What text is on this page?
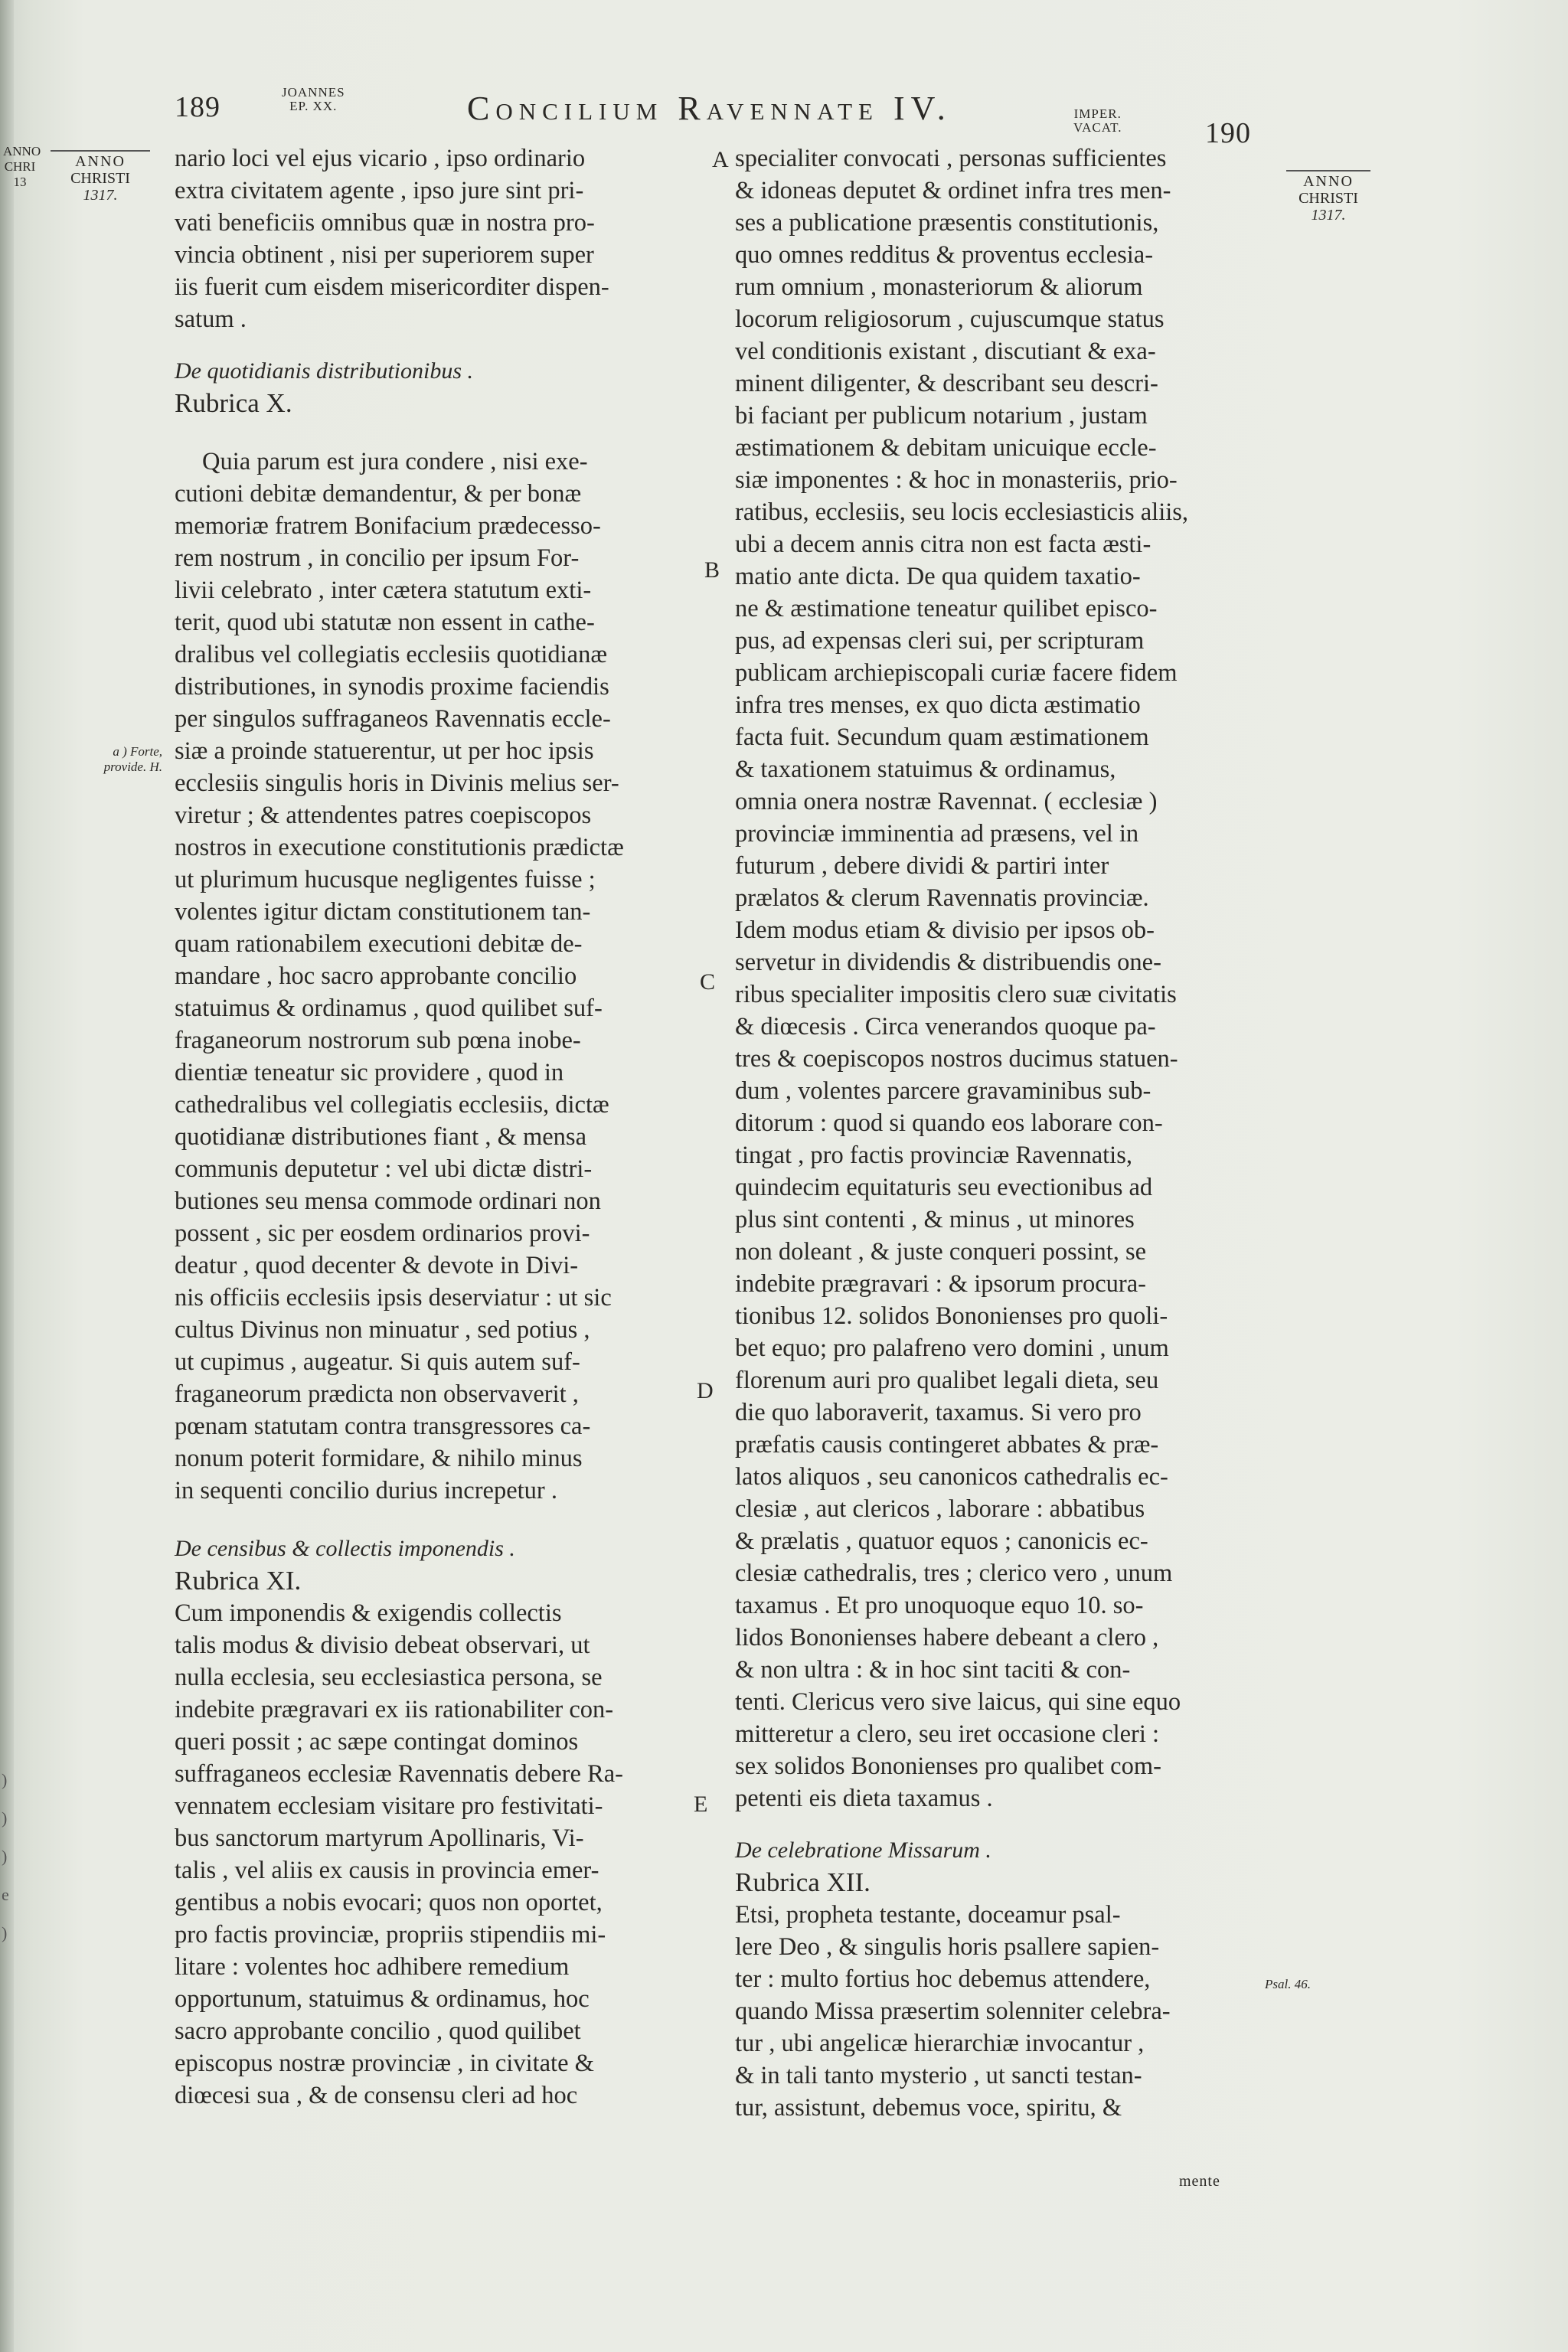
)
)
)
e
)
189	JOANNES
EP. XX.	Concilium Ravennate IV.	IMPER.
VACAT.	190
ANNO
CHRI
13
ANNO
CHRISTI
1317.
ANNO
CHRISTI
1317.
a ) Forte,
provide. H.
Psal. 46.
A
B
C
D
E
mente

nario loci vel ejus vicario , ipso ordinario

extra civitatem agente , ipso jure sint pri-

vati beneficiis omnibus quæ in nostra pro-

vincia obtinent , nisi per superiorem super

iis fuerit cum eisdem misericorditer dispen-

satum .

De quotidianis distributionibus .

Rubrica X.

Quia parum est jura condere , nisi exe-

cutioni debitæ demandentur, & per bonæ

memoriæ fratrem Bonifacium prædecesso-

rem nostrum , in concilio per ipsum For-

livii celebrato , inter cætera statutum exti-

terit, quod ubi statutæ non essent in cathe-

dralibus vel collegiatis ecclesiis quotidianæ

distributiones, in synodis proxime faciendis

per singulos suffraganeos Ravennatis eccle-

siæ a proinde statuerentur, ut per hoc ipsis

ecclesiis singulis horis in Divinis melius ser-

viretur ; & attendentes patres coepiscopos

nostros in executione constitutionis prædictæ

ut plurimum hucusque negligentes fuisse ;

volentes igitur dictam constitutionem tan-

quam rationabilem executioni debitæ de-

mandare , hoc sacro approbante concilio

statuimus & ordinamus , quod quilibet suf-

fraganeorum nostrorum sub pœna inobe-

dientiæ teneatur sic providere , quod in

cathedralibus vel collegiatis ecclesiis, dictæ

quotidianæ distributiones fiant , & mensa

communis deputetur : vel ubi dictæ distri-

butiones seu mensa commode ordinari non

possent , sic per eosdem ordinarios provi-

deatur , quod decenter & devote in Divi-

nis officiis ecclesiis ipsis deserviatur : ut sic

cultus Divinus non minuatur , sed potius ,

ut cupimus , augeatur. Si quis autem suf-

fraganeorum prædicta non observaverit ,

pœnam statutam contra transgressores ca-

nonum poterit formidare, & nihilo minus

in sequenti concilio durius increpetur .

De censibus & collectis imponendis .

Rubrica XI.

Cum imponendis & exigendis collectis

talis modus & divisio debeat observari, ut

nulla ecclesia, seu ecclesiastica persona, se

indebite prægravari ex iis rationabiliter con-

queri possit ; ac sæpe contingat dominos

suffraganeos ecclesiæ Ravennatis debere Ra-

vennatem ecclesiam visitare pro festivitati-

bus sanctorum martyrum Apollinaris, Vi-

talis , vel aliis ex causis in provincia emer-

gentibus a nobis evocari; quos non oportet,

pro factis provinciæ, propriis stipendiis mi-

litare : volentes hoc adhibere remedium

opportunum, statuimus & ordinamus, hoc

sacro approbante concilio , quod quilibet

episcopus nostræ provinciæ , in civitate &

diœcesi sua , & de consensu cleri ad hoc

specialiter convocati , personas sufficientes

& idoneas deputet & ordinet infra tres men-

ses a publicatione præsentis constitutionis,

quo omnes redditus & proventus ecclesia-

rum omnium , monasteriorum & aliorum

locorum religiosorum , cujuscumque status

vel conditionis existant , discutiant & exa-

minent diligenter, & describant seu descri-

bi faciant per publicum notarium , justam

æstimationem & debitam unicuique eccle-

siæ imponentes : & hoc in monasteriis, prio-

ratibus, ecclesiis, seu locis ecclesiasticis aliis,

ubi a decem annis citra non est facta æsti-

matio ante dicta. De qua quidem taxatio-

ne & æstimatione teneatur quilibet episco-

pus, ad expensas cleri sui, per scripturam

publicam archiepiscopali curiæ facere fidem

infra tres menses, ex quo dicta æstimatio

facta fuit. Secundum quam æstimationem

& taxationem statuimus & ordinamus,

omnia onera nostræ Ravennat. ( ecclesiæ )

provinciæ imminentia ad præsens, vel in

futurum , debere dividi & partiri inter

prælatos & clerum Ravennatis provinciæ.

Idem modus etiam & divisio per ipsos ob-

servetur in dividendis & distribuendis one-

ribus specialiter impositis clero suæ civitatis

& diœcesis . Circa venerandos quoque pa-

tres & coepiscopos nostros ducimus statuen-

dum , volentes parcere gravaminibus sub-

ditorum : quod si quando eos laborare con-

tingat , pro factis provinciæ Ravennatis,

quindecim equitaturis seu evectionibus ad

plus sint contenti , & minus , ut minores

non doleant , & juste conqueri possint, se

indebite prægravari : & ipsorum procura-

tionibus 12. solidos Bononienses pro quoli-

bet equo; pro palafreno vero domini , unum

florenum auri pro qualibet legali dieta, seu

die quo laboraverit, taxamus. Si vero pro

præfatis causis contingeret abbates & præ-

latos aliquos , seu canonicos cathedralis ec-

clesiæ , aut clericos , laborare : abbatibus

& prælatis , quatuor equos ; canonicis ec-

clesiæ cathedralis, tres ; clerico vero , unum

taxamus . Et pro unoquoque equo 10. so-

lidos Bononienses habere debeant a clero ,

& non ultra : & in hoc sint taciti & con-

tenti. Clericus vero sive laicus, qui sine equo

mitteretur a clero, seu iret occasione cleri :

sex solidos Bononienses pro qualibet com-

petenti eis dieta taxamus .

De celebratione Missarum .

Rubrica XII.

Etsi, propheta testante, doceamur psal-

lere Deo , & singulis horis psallere sapien-

ter : multo fortius hoc debemus attendere,

quando Missa præsertim solenniter celebra-

tur , ubi angelicæ hierarchiæ invocantur ,

& in tali tanto mysterio , ut sancti testan-

tur, assistunt, debemus voce, spiritu, &
